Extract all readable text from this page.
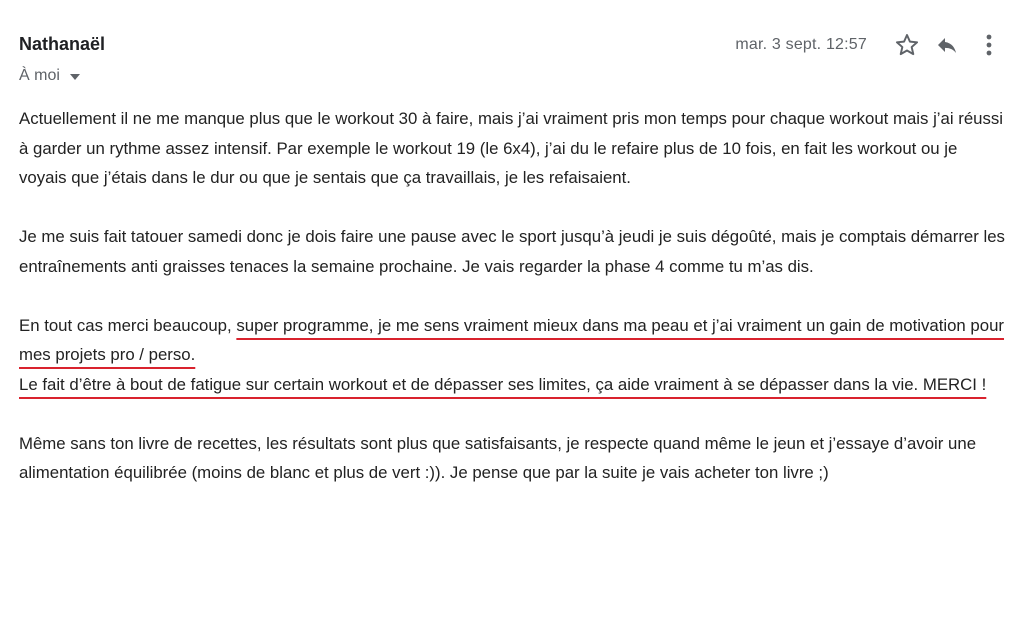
Nathanaël
À moi
mar. 3 sept. 12:57

Actuellement il ne me manque plus que le workout 30 à faire, mais j’ai vraiment pris mon temps pour chaque workout mais j’ai réussi à garder un rythme assez intensif. Par exemple le workout 19 (le 6x4), j’ai du le refaire plus de 10 fois, en fait les workout ou je voyais que j’étais dans le dur ou que je sentais que ça travaillais, je les refaisaient.

Je me suis fait tatouer samedi donc je dois faire une pause avec le sport jusqu’à jeudi je suis dégoûté, mais je comptais démarrer les entraînements anti graisses tenaces la semaine prochaine. Je vais regarder la phase 4 comme tu m’as dis.

En tout cas merci beaucoup, super programme, je me sens vraiment mieux dans ma peau et j’ai vraiment un gain de motivation pour mes projets pro / perso.
Le fait d’être à bout de fatigue sur certain workout et de dépasser ses limites, ça aide vraiment à se dépasser dans la vie. MERCI !

Même sans ton livre de recettes, les résultats sont plus que satisfaisants, je respecte quand même le jeun et j’essaye d’avoir une alimentation équilibrée (moins de blanc et plus de vert :)). Je pense que par la suite je vais acheter ton livre ;)
